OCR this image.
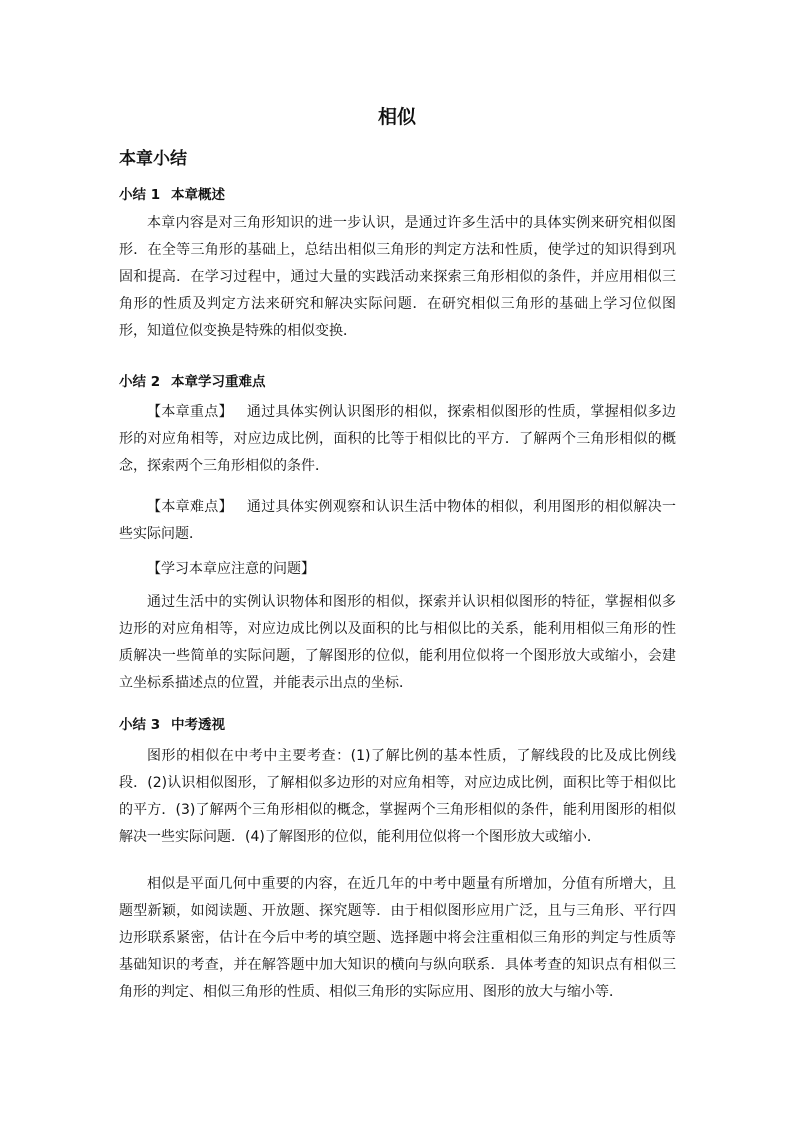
相似
本章小结
小结 1 本章概述

本章内容是对三角形知识的进一步认识，是通过许多生活中的具体实例来研究相似图形．在全等三角形的基础上，总结出相似三角形的判定方法和性质，使学过的知识得到巩固和提高．在学习过程中，通过大量的实践活动来探索三角形相似的条件，并应用相似三角形的性质及判定方法来研究和解决实际问题．在研究相似三角形的基础上学习位似图形，知道位似变换是特殊的相似变换．

小结 2 本章学习重难点

【本章重点】 通过具体实例认识图形的相似，探索相似图形的性质，掌握相似多边形的对应角相等，对应边成比例，面积的比等于相似比的平方．了解两个三角形相似的概念，探索两个三角形相似的条件．

【本章难点】 通过具体实例观察和认识生活中物体的相似，利用图形的相似解决一些实际问题．

【学习本章应注意的问题】

通过生活中的实例认识物体和图形的相似，探索并认识相似图形的特征，掌握相似多边形的对应角相等，对应边成比例以及面积的比与相似比的关系，能利用相似三角形的性质解决一些简单的实际问题，了解图形的位似，能利用位似将一个图形放大或缩小，会建立坐标系描述点的位置，并能表示出点的坐标．

小结 3 中考透视

图形的相似在中考中主要考查：(1)了解比例的基本性质，了解线段的比及成比例线段．(2)认识相似图形，了解相似多边形的对应角相等，对应边成比例，面积比等于相似比的平方．(3)了解两个三角形相似的概念，掌握两个三角形相似的条件，能利用图形的相似解决一些实际问题．(4)了解图形的位似，能利用位似将一个图形放大或缩小．

相似是平面几何中重要的内容，在近几年的中考中题量有所增加，分值有所增大，且题型新颖，如阅读题、开放题、探究题等．由于相似图形应用广泛，且与三角形、平行四边形联系紧密，估计在今后中考的填空题、选择题中将会注重相似三角形的判定与性质等基础知识的考查，并在解答题中加大知识的横向与纵向联系．具体考查的知识点有相似三角形的判定、相似三角形的性质、相似三角形的实际应用、图形的放大与缩小等．
